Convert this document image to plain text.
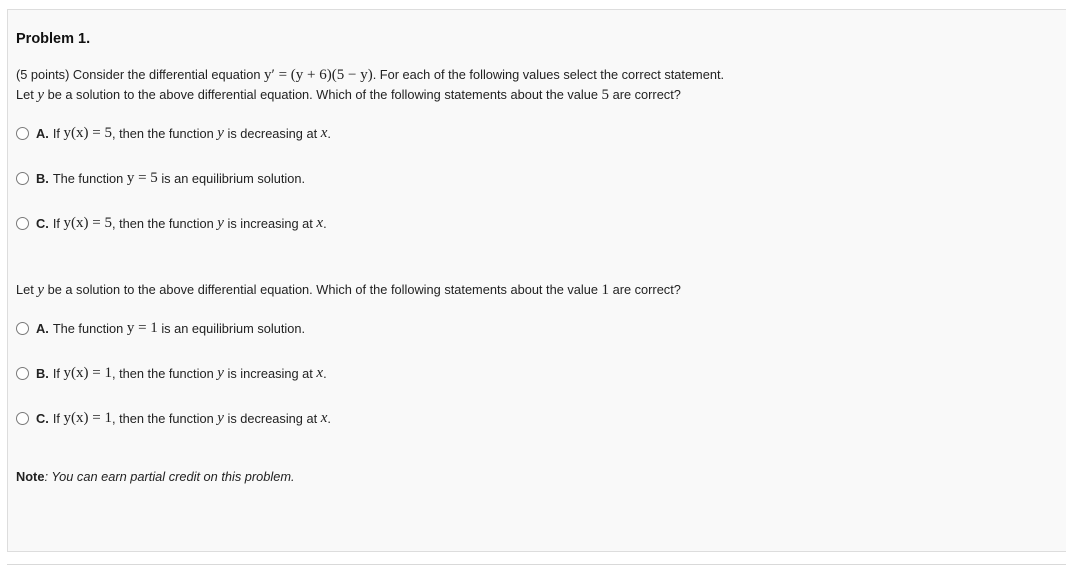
Problem 1.
(5 points) Consider the differential equation y′ = (y + 6)(5 − y). For each of the following values select the correct statement.
Let y be a solution to the above differential equation. Which of the following statements about the value 5 are correct?
A. If
y(x) = 5 , then the function
y
is decreasing at
x .
B. The function
y = 5
is an equilibrium solution.
C. If
y(x) = 5 , then the function
y
is increasing at
x .
Let y be a solution to the above differential equation. Which of the following statements about the value 1 are correct?
A. The function
y = 1
is an equilibrium solution.
B. If
y(x) = 1 , then the function
y
is increasing at
x .
C. If
y(x) = 1 , then the function
y
is decreasing at
x .
Note: You can earn partial credit on this problem.
